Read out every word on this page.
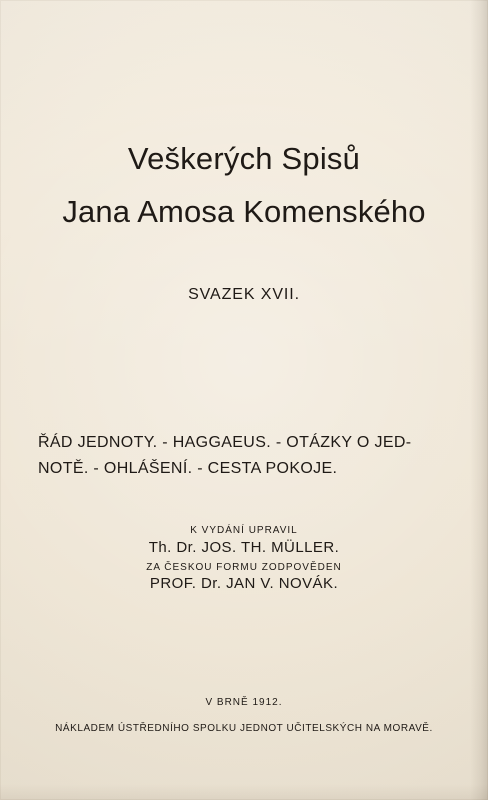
Veškerých Spisů
Jana Amosa Komenského
SVAZEK XVII.
ŘÁD JEDNOTY. - HAGGAEUS. - OTÁZKY O JED-
NOTĚ. - OHLÁŠENÍ. - CESTA POKOJE.
K VYDÁNÍ UPRAVIL
Th. Dr. JOS. TH. MÜLLER.
ZA ČESKOU FORMU ZODPOVĚDEN
PROF. Dr. JAN V. NOVÁK.
V BRNĚ 1912.
NÁKLADEM ÚSTŘEDNÍHO SPOLKU JEDNOT UČITELSKÝCH NA MORAVĚ.
